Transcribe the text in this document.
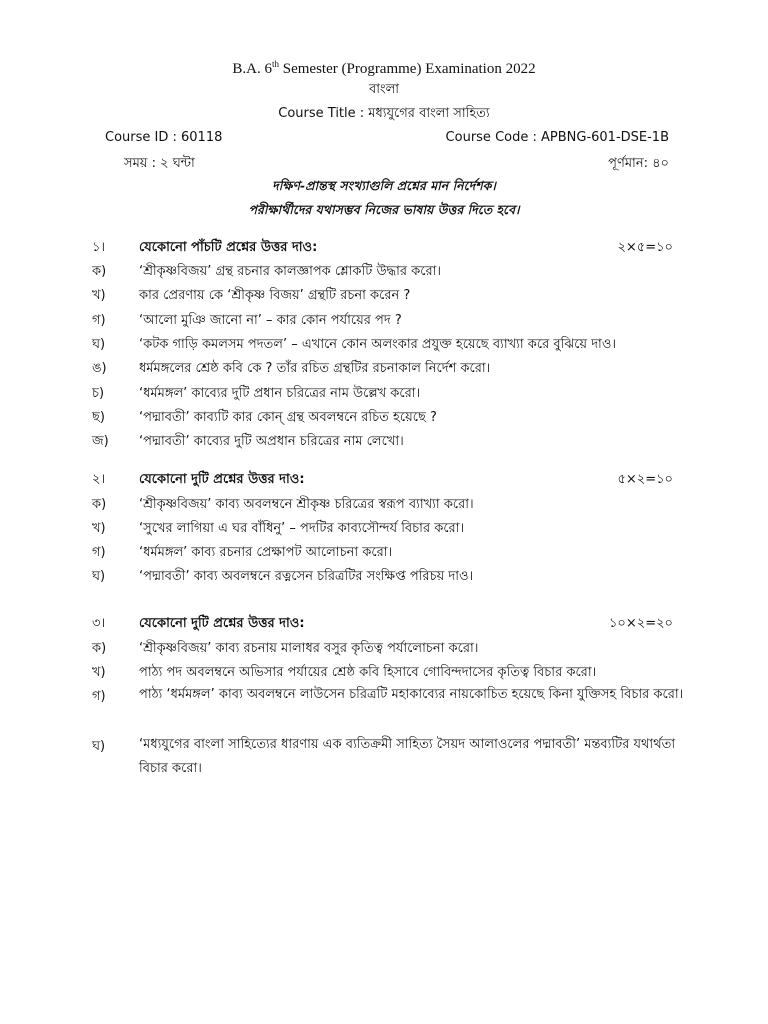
B.A. 6th Semester (Programme) Examination 2022
বাংলা
Course Title : মধ্যযুগের বাংলা সাহিত্য
Course ID : 60118	Course Code : APBNG-601-DSE-1B
সময় : ২ ঘন্টা	পূর্ণমান: ৪০
দক্ষিণ-প্রান্তস্থ সংখ্যাগুলি প্রশ্নের মান নির্দেশক।
পরীক্ষার্থীদের যথাসম্ভব নিজের ভাষায় উত্তর দিতে হবে।
১।	যেকোনো পাঁচটি প্রশ্নের উত্তর দাও:	২×৫=১০
ক)	‘শ্রীকৃষ্ণবিজয়’ গ্রন্থ রচনার কালজ্ঞাপক শ্লোকটি উদ্ধার করো।
খ)	কার প্রেরণায় কে ‘শ্রীকৃষ্ণ বিজয়’ গ্রন্থটি রচনা করেন ?
গ)	‘আলো মুঞি জানো না’ – কার কোন পর্যায়ের পদ ?
ঘ)	‘কটক গাড়ি কমলসম পদতল’ – এখানে কোন অলংকার প্রযুক্ত হয়েছে ব্যাখ্যা করে বুঝিয়ে দাও।
ঙ) ধর্মমঙ্গলের শ্রেষ্ঠ কবি কে ? তাঁর রচিত গ্রন্থটির রচনাকাল নির্দেশ করো।
চ)	‘ধর্মমঙ্গল’ কাব্যের দুটি প্রধান চরিত্রের নাম উল্লেখ করো।
ছ)	‘পদ্মাবতী’ কাব্যটি কার কোন্ গ্রন্থ অবলম্বনে রচিত হয়েছে ?
জ) ‘পদ্মাবতী’ কাব্যের দুটি অপ্রধান চরিত্রের নাম লেখো।
২।	যেকোনো দুটি প্রশ্নের উত্তর দাও:	৫×২=১০
ক)	‘শ্রীকৃষ্ণবিজয়’ কাব্য অবলম্বনে শ্রীকৃষ্ণ চরিত্রের স্বরূপ ব্যাখ্যা করো।
খ)	‘সুখের লাগিয়া এ ঘর বাঁধিনু’ – পদটির কাব্যসৌন্দর্য বিচার করো।
গ)	‘ধর্মমঙ্গল’ কাব্য রচনার প্রেক্ষাপট আলোচনা করো।
ঘ)	‘পদ্মাবতী’ কাব্য অবলম্বনে রত্নসেন চরিত্রটির সংক্ষিপ্ত পরিচয় দাও।
৩।	যেকোনো দুটি প্রশ্নের উত্তর দাও:	১০×২=২০
ক)	‘শ্রীকৃষ্ণবিজয়’ কাব্য রচনায় মালাধর বসুর কৃতিত্ব পর্যালোচনা করো।
খ)	পাঠ্য পদ অবলম্বনে অভিসার পর্যায়ের শ্রেষ্ঠ কবি হিসাবে গোবিন্দদাসের কৃতিত্ব বিচার করো।
গ)	পাঠ্য ‘ধর্মমঙ্গল’ কাব্য অবলম্বনে লাউসেন চরিত্রটি মহাকাব্যের নায়কোচিত হয়েছে কিনা যুক্তিসহ বিচার করো।
ঘ)	‘মধ্যযুগের বাংলা সাহিত্যের ধারণায় এক ব্যতিক্রমী সাহিত্য সৈয়দ আলাওলের পদ্মাবতী’ মন্তব্যটির যথার্থতা বিচার করো।
